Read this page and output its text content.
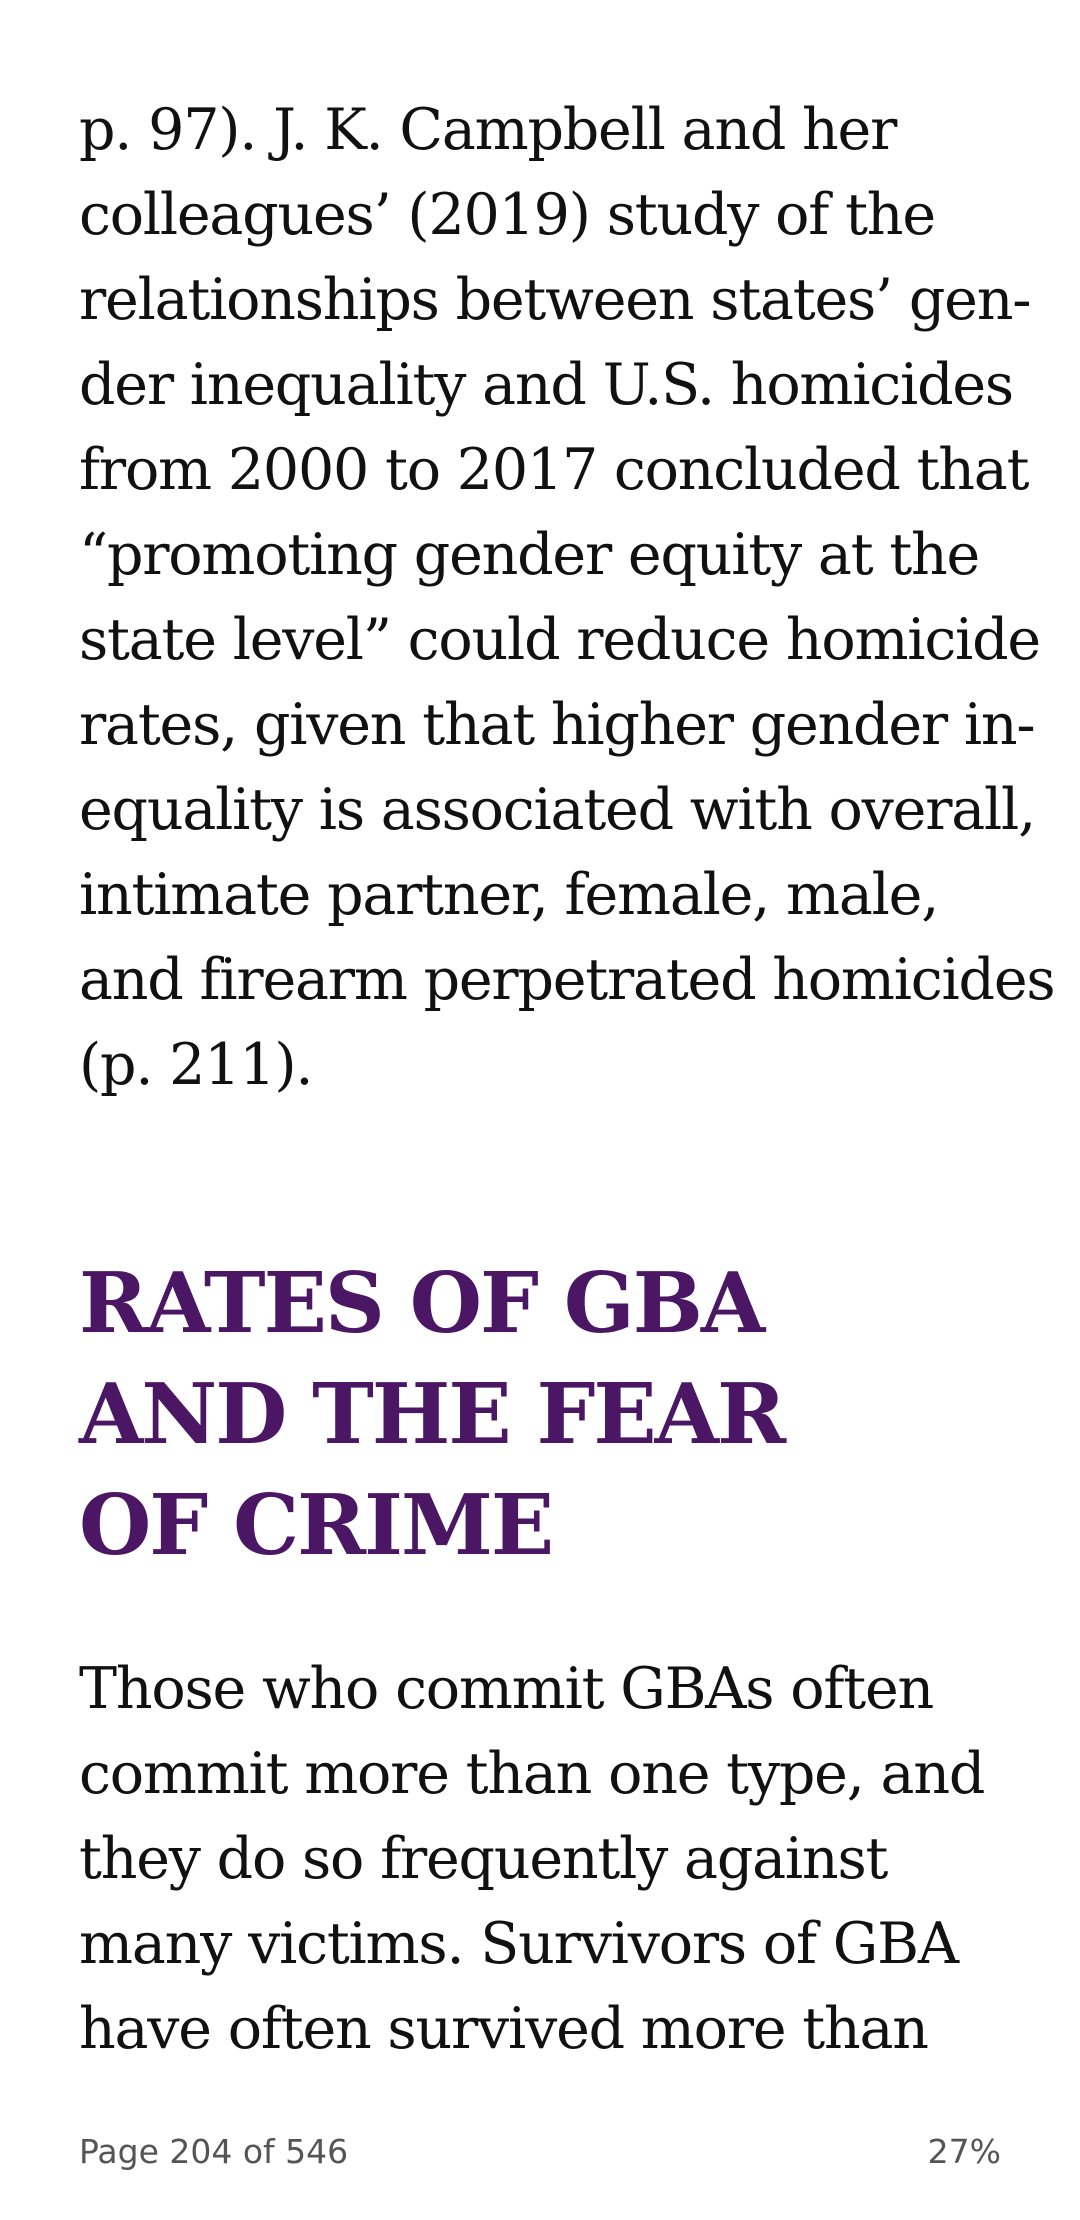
p. 97). J. K. Campbell and her
colleagues’ (2019) study of the
relationships between states’ gen-
der inequality and U.S. homicides
from 2000 to 2017 concluded that
“promoting gender equity at the
state level” could reduce homicide
rates, given that higher gender in-
equality is associated with overall,
intimate partner, female, male,
and firearm perpetrated homicides
(p. 211).
RATES OF GBA
AND THE FEAR
OF CRIME
Those who commit GBAs often
commit more than one type, and
they do so frequently against
many victims. Survivors of GBA
have often survived more than
Page 204 of 546	27%
